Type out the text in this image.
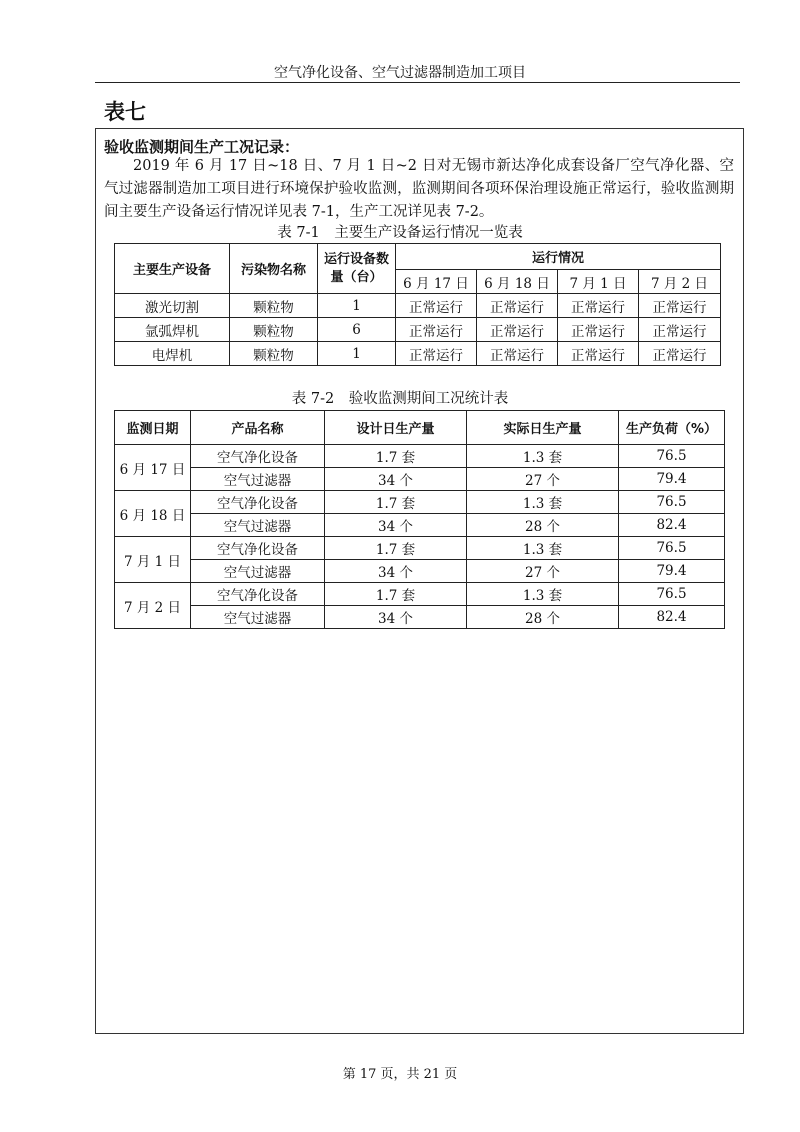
空气净化设备、空气过滤器制造加工项目
表七
验收监测期间生产工况记录：
2019 年 6 月 17 日~18 日、7 月 1 日~2 日对无锡市新达净化成套设备厂空气净化器、空气过滤器制造加工项目进行环境保护验收监测，监测期间各项环保治理设施正常运行，验收监测期间主要生产设备运行情况详见表 7-1，生产工况详见表 7-2。
表 7-1　主要生产设备运行情况一览表
主要生产设备	污染物名称	运行设备数量（台）	运行情况			
			6 月 17 日	6 月 18 日	7 月 1 日	7 月 2 日
激光切割	颗粒物	1	正常运行	正常运行	正常运行	正常运行
氩弧焊机	颗粒物	6	正常运行	正常运行	正常运行	正常运行
电焊机	颗粒物	1	正常运行	正常运行	正常运行	正常运行
表 7-2　验收监测期间工况统计表
监测日期	产品名称	设计日生产量	实际日生产量	生产负荷（%）
6 月 17 日	空气净化设备	1.7 套	1.3 套	76.5
	空气过滤器	34 个	27 个	79.4
6 月 18 日	空气净化设备	1.7 套	1.3 套	76.5
	空气过滤器	34 个	28 个	82.4
7 月 1 日	空气净化设备	1.7 套	1.3 套	76.5
	空气过滤器	34 个	27 个	79.4
7 月 2 日	空气净化设备	1.7 套	1.3 套	76.5
	空气过滤器	34 个	28 个	82.4
第 17 页，共 21 页
